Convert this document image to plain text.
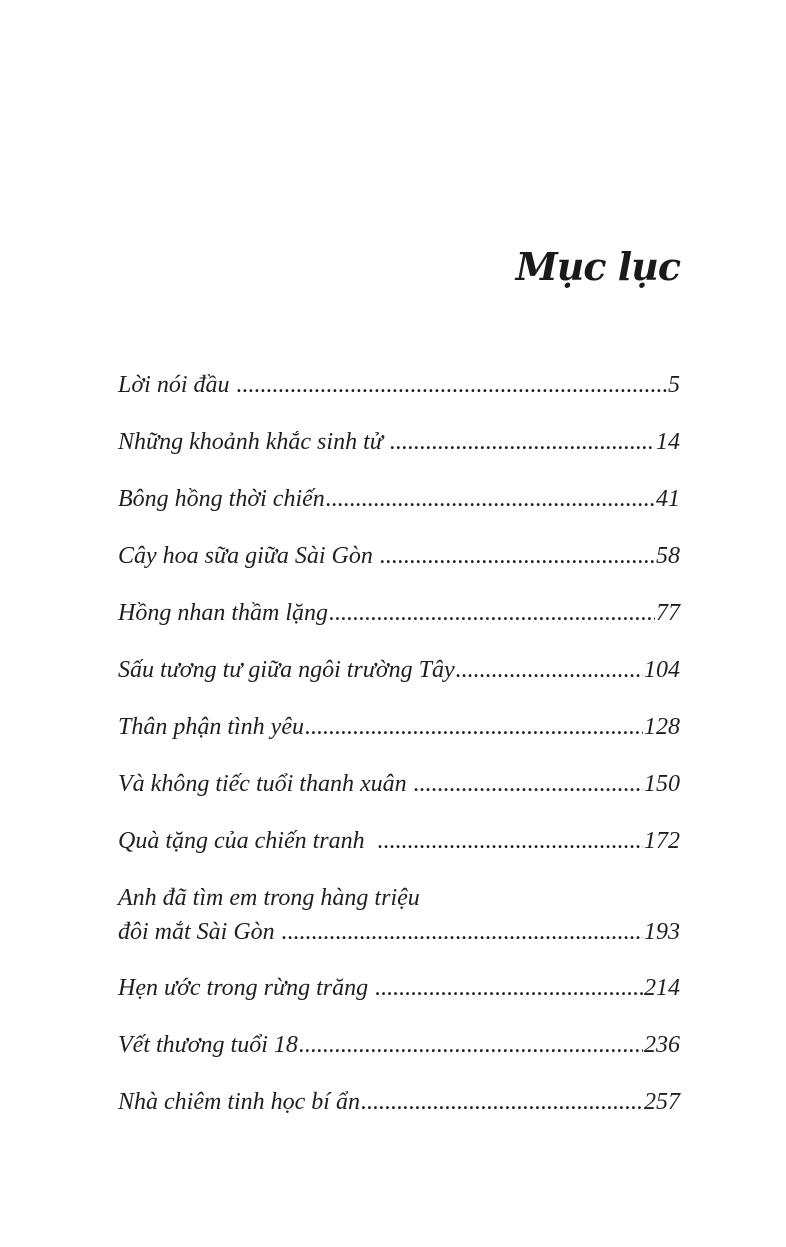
Mục lục
Lời nói đầu .....	5
Những khoảnh khắc sinh tử .....	14
Bông hồng thời chiến .....	41
Cây hoa sữa giữa Sài Gòn .....	58
Hồng nhan thầm lặng .....	77
Sấu tương tư giữa ngôi trường Tây .....	104
Thân phận tình yêu .....	128
Và không tiếc tuổi thanh xuân .....	150
Quà tặng của chiến tranh .....	172
Anh đã tìm em trong hàng triệu
đôi mắt Sài Gòn .....	193
Hẹn ước trong rừng trăng .....	214
Vết thương tuổi 18 .....	236
Nhà chiêm tinh học bí ẩn .....	257
